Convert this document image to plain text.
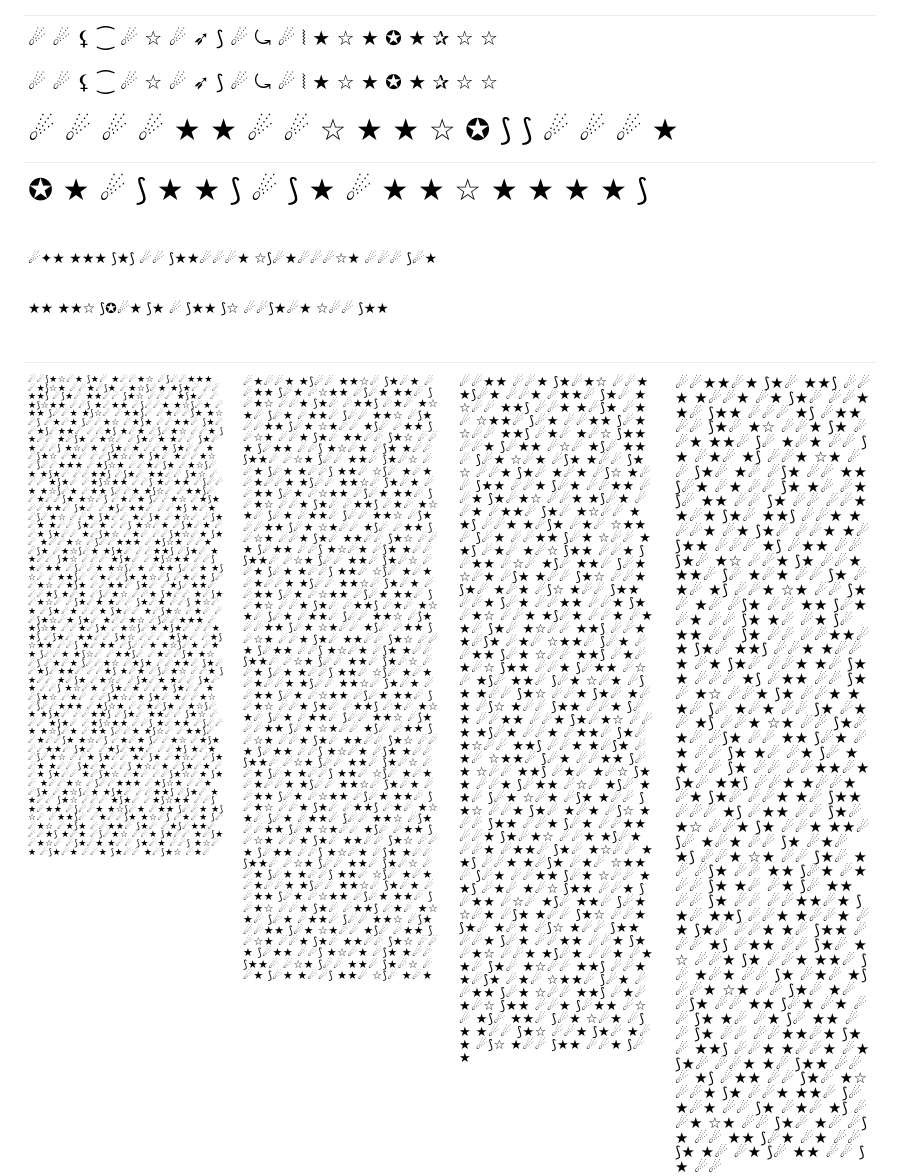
☄ ☄ ⚸ ⁐ ☄ ☆ ☄ ➶ ⟆ ☄ ⤿ ☄ ⦚ ★ ☆ ★ ✪ ★ ✰ ☆ ☆
☄ ☄ ⚸ ⁐ ☄ ☆ ☄ ➶ ⟆ ☄ ⤿ ☄ ⦚ ★ ☆ ★ ✪ ★ ✰ ☆ ☆
☄ ☄ ☄ ☄ ★ ★ ☄ ☄ ☆ ★ ★ ☆ ✪ ⟆ ⟆ ☄ ☄ ☄ ★
✪ ★ ☄ ⟆ ★ ★ ⟆ ☄ ⟆ ★ ☄ ★ ★ ☆ ★ ★ ★ ★ ⟆
☄✦★ ★★★ ⟆★⟆ ☄☄ ⟆★★☄☄☄★ ☆⟆☄★☄☄☄☆★ ☄☄☄ ⟆☄★
★★ ★★☆ ⟆✪☄★ ⟆★ ☄ ⟆★★ ⟆☆ ☄☄⟆★☄★ ☆☄☄ ⟆★★
☄☄⟆★☆☄★ ⟆★☄ ★☄☄★☆ ☄⟆☄☄★★★ ☄★⟆☆★ ☄☄★☄⟆★ ☄★☆⟆☄★ ★⟆★☄ ☄☄★★⟆ ☄⟆★☄ ★★☄☄ ⟆★☆ ☄☄☄ ★⟆★☄ ☄★⟆☆★★ ☄☄⟆ ★☄★★ ☄⟆☄☄★ ★☆⟆☄★ ☄★★ ⟆☄☄★ ★⟆☆☄ ☄★★⟆☄ ☄★☄☄⟆★ ★☆☄⟆ ☄★☄★ ⟆☄☄★☆ ☄★⟆★ ☄☄★★☄ ⟆★☄ ☄★⟆☄★★☄ ☄☄★⟆ ★☄★ ☄⟆☄★☆ ☄☄★ ⟆★☄☄ ★☄⟆★ ☄★☆☄ ☄⟆★☄★ ★☄☄ ⟆★☄★ ☄☄⟆ ★☆☄★ ☄⟆★☄★ ☄☄★ ⟆★☄☄ ★☄⟆★☆ ☄★☄ ☄☄⟆★☆☄★ ⟆★☄ ★☄☄★☆ ☄⟆☄☄★★★ ☄★⟆☆★ ☄☄★☄⟆★ ☄★☆⟆☄★ ★⟆★☄ ☄☄★★⟆ ☄⟆★☄ ★★☄☄ ⟆★☆ ☄☄☄ ★⟆★☄ ☄★⟆☆★★ ☄☄⟆ ★☄★★ ☄⟆☄☄★ ★☆⟆☄★ ☄★★ ⟆☄☄★ ★⟆☆☄ ☄★★⟆☄ ☄★☄☄⟆★ ★☆☄⟆ ☄★☄★ ⟆☄☄★☆ ☄★⟆★ ☄☄★★☄ ⟆★☄ ☄★⟆☄★★☄ ☄☄★⟆ ★☄★ ☄⟆☄★☆ ☄☄★ ⟆★☄☄ ★☄⟆★ ☄★☆☄ ☄⟆★☄★ ★☄☄ ⟆★☄★ ☄☄⟆ ★☆☄★ ☄⟆★☄★ ☄☄★ ⟆★☄☄ ★☄⟆★☆ ☄★☄ ☄☄⟆★☆☄★ ⟆★☄ ★☄☄★☆ ☄⟆☄☄★★★ ☄★⟆☆★ ☄☄★☄⟆★ ☄★☆⟆☄★ ★⟆★☄ ☄☄★★⟆ ☄⟆★☄ ★★☄☄ ⟆★☆ ☄☄☄ ★⟆★☄ ☄★⟆☆★★ ☄☄⟆ ★☄★★ ☄⟆☄☄★ ★☆⟆☄★ ☄★★ ⟆☄☄★ ★⟆☆☄ ☄★★⟆☄ ☄★☄☄⟆★ ★☆☄⟆ ☄★☄★ ⟆☄☄★☆ ☄★⟆★ ☄☄★★☄ ⟆★☄ ☄★⟆☄★★☄ ☄☄★⟆ ★☄★ ☄⟆☄★☆ ☄☄★ ⟆★☄☄ ★☄⟆★ ☄★☆☄ ☄⟆★☄★ ★☄☄ ⟆★☄★ ☄☄⟆ ★☆☄★ ☄⟆★☄★ ☄☄★ ⟆★☄☄ ★☄⟆★☆ ☄★☄ ☄☄⟆★☆☄★ ⟆★☄ ★☄☄★☆ ☄⟆☄☄★★★ ☄★⟆☆★ ☄☄★☄⟆★ ☄★☆⟆☄★ ★⟆★☄ ☄☄★★⟆ ☄⟆★☄ ★★☄☄ ⟆★☆ ☄☄☄ ★⟆★☄ ☄★⟆☆★★ ☄☄⟆ ★☄★★ ☄⟆☄☄★ ★☆⟆☄★ ☄★★ ⟆☄☄★ ★⟆☆☄ ☄★★⟆☄ ☄★☄☄⟆★ ★☆☄⟆ ☄★☄★ ⟆☄☄★☆ ☄★⟆★ ☄☄★★☄ ⟆★☄ ☄★⟆☄★★☄ ☄☄★⟆ ★☄★ ☄⟆☄★☆ ☄☄★ ⟆★☄☄ ★☄⟆★ ☄★☆☄ ☄⟆★☄★ ★☄☄ ⟆★☄★ ☄☄⟆ ★☆☄★ ☄⟆★☄★ ☄☄★ ⟆★☄☄ ★☄⟆★☆ ☄★☄ ☄☄⟆★☆☄★ ⟆★☄ ★☄☄★☆ ☄⟆☄☄★★★ ☄★⟆☆★ ☄☄★☄⟆★ ☄★☆⟆☄★ ★⟆★☄ ☄☄★★⟆ ☄⟆★☄ ★★☄☄ ⟆★☆ ☄☄☄ ★⟆★☄ ☄★⟆☆★★ ☄☄⟆ ★☄★★ ☄⟆☄☄★ ★☆⟆☄★ ☄★★ ⟆☄☄★ ★⟆☆☄ ☄★★⟆☄ ☄★☄☄⟆★ ★☆☄⟆ ☄★☄★ ⟆☄☄★☆ ☄★⟆★ ☄☄★★☄ ⟆★☄ ☄★⟆☄★★☄ ☄☄★⟆ ★☄★ ☄⟆☄★☆ ☄☄★ ⟆★☄☄ ★☄⟆★ ☄★☆☄ ☄⟆★☄★ ★☄☄ ⟆★☄★ ☄☄⟆ ★☆☄★ ☄⟆★☄★ ☄☄★ ⟆★☄☄ ★☄⟆★☆ ☄★☄ ☄☄⟆★☆☄★ ⟆★☄ ★☄☄★☆ ☄⟆☄☄★★★ ☄★⟆☆★ ☄☄★☄⟆★ ☄★☆⟆☄★ ★⟆★☄ ☄☄★★⟆ ☄⟆★☄ ★★☄☄ ⟆★☆ ☄☄☄ ★⟆★☄ ☄★⟆☆★★ ☄☄⟆ ★☄★★ ☄⟆☄☄★ ★☆⟆☄★ ☄★★ ⟆☄☄★ ★⟆☆☄ ☄★★⟆☄ ☄★☄☄⟆★ ★☆☄⟆ ☄★☄★ ⟆☄☄★☆ ☄★⟆★ ☄☄★★☄ ⟆★☄ ☄★⟆☄★★☄ ☄☄★⟆ ★☄★ ☄⟆☄★☆ ☄☄★ ⟆★☄☄ ★☄⟆★ ☄★☆☄ ☄⟆★☄★ ★☄☄ ⟆★☄★ ☄☄⟆ ★☆☄★ ☄⟆★☄★ ☄☄★ ⟆★☄☄ ★☄⟆★☆ ☄★☄
☄★☄☄★ ★⟆☄☄ ★★☆☄ ⟆★☄★ ☄☄★★ ⟆☄★ ☄☆★★ ☄⟆☄★ ★★☄ ⟆☄★☆ ☄☄★ ⟆★☄ ☄★★⟆ ☄★☄ ★☆★☄ ⟆☄★ ☄★★☄ ⟆☄☄ ★★☆ ☄⟆★ ☄☄★★ ⟆☄★ ☆★☄☄ ★⟆☄ ☄★★ ⟆☄☆★ ☄☄★ ⟆★☄ ★★☄☄ ⟆★☆ ☄☄★ ⟆☄★★ ☄☄⟆ ★☆☄★ ☄⟆★ ★☄☄ ⟆★★☄ ☄☆★ ⟆☄☄ ★★☄ ⟆★☄☆ ☄☄★ ⟆☄★ ★☄☄⟆ ★★☄ ☆⟆☄ ★☄★ ☄★☄☄★ ★⟆☄☄ ★★☆☄ ⟆★☄★ ☄☄★★ ⟆☄★ ☄☆★★ ☄⟆☄★ ★★☄ ⟆☄★☆ ☄☄★ ⟆★☄ ☄★★⟆ ☄★☄ ★☆★☄ ⟆☄★ ☄★★☄ ⟆☄☄ ★★☆ ☄⟆★ ☄☄★★ ⟆☄★ ☆★☄☄ ★⟆☄ ☄★★ ⟆☄☆★ ☄☄★ ⟆★☄ ★★☄☄ ⟆★☆ ☄☄★ ⟆☄★★ ☄☄⟆ ★☆☄★ ☄⟆★ ★☄☄ ⟆★★☄ ☄☆★ ⟆☄☄ ★★☄ ⟆★☄☆ ☄☄★ ⟆☄★ ★☄☄⟆ ★★☄ ☆⟆☄ ★☄★ ☄★☄☄★ ★⟆☄☄ ★★☆☄ ⟆★☄★ ☄☄★★ ⟆☄★ ☄☆★★ ☄⟆☄★ ★★☄ ⟆☄★☆ ☄☄★ ⟆★☄ ☄★★⟆ ☄★☄ ★☆★☄ ⟆☄★ ☄★★☄ ⟆☄☄ ★★☆ ☄⟆★ ☄☄★★ ⟆☄★ ☆★☄☄ ★⟆☄ ☄★★ ⟆☄☆★ ☄☄★ ⟆★☄ ★★☄☄ ⟆★☆ ☄☄★ ⟆☄★★ ☄☄⟆ ★☆☄★ ☄⟆★ ★☄☄ ⟆★★☄ ☄☆★ ⟆☄☄ ★★☄ ⟆★☄☆ ☄☄★ ⟆☄★ ★☄☄⟆ ★★☄ ☆⟆☄ ★☄★ ☄★☄☄★ ★⟆☄☄ ★★☆☄ ⟆★☄★ ☄☄★★ ⟆☄★ ☄☆★★ ☄⟆☄★ ★★☄ ⟆☄★☆ ☄☄★ ⟆★☄ ☄★★⟆ ☄★☄ ★☆★☄ ⟆☄★ ☄★★☄ ⟆☄☄ ★★☆ ☄⟆★ ☄☄★★ ⟆☄★ ☆★☄☄ ★⟆☄ ☄★★ ⟆☄☆★ ☄☄★ ⟆★☄ ★★☄☄ ⟆★☆ ☄☄★ ⟆☄★★ ☄☄⟆ ★☆☄★ ☄⟆★ ★☄☄ ⟆★★☄ ☄☆★ ⟆☄☄ ★★☄ ⟆★☄☆ ☄☄★ ⟆☄★ ★☄☄⟆ ★★☄ ☆⟆☄ ★☄★ ☄★☄☄★ ★⟆☄☄ ★★☆☄ ⟆★☄★ ☄☄★★ ⟆☄★ ☄☆★★ ☄⟆☄★ ★★☄ ⟆☄★☆ ☄☄★ ⟆★☄ ☄★★⟆ ☄★☄ ★☆★☄ ⟆☄★ ☄★★☄ ⟆☄☄ ★★☆ ☄⟆★ ☄☄★★ ⟆☄★ ☆★☄☄ ★⟆☄ ☄★★ ⟆☄☆★ ☄☄★ ⟆★☄ ★★☄☄ ⟆★☆ ☄☄★ ⟆☄★★ ☄☄⟆ ★☆☄★ ☄⟆★ ★☄☄ ⟆★★☄ ☄☆★ ⟆☄☄ ★★☄ ⟆★☄☆ ☄☄★ ⟆☄★ ★☄☄⟆ ★★☄ ☆⟆☄ ★☄★ ☄★☄☄★ ★⟆☄☄ ★★☆☄ ⟆★☄★ ☄☄★★ ⟆☄★ ☄☆★★ ☄⟆☄★ ★★☄ ⟆☄★☆ ☄☄★ ⟆★☄ ☄★★⟆ ☄★☄ ★☆★☄ ⟆☄★ ☄★★☄ ⟆☄☄ ★★☆ ☄⟆★ ☄☄★★ ⟆☄★ ☆★☄☄ ★⟆☄ ☄★★ ⟆☄☆★ ☄☄★ ⟆★☄ ★★☄☄ ⟆★☆ ☄☄★ ⟆☄★★ ☄☄⟆ ★☆☄★ ☄⟆★ ★☄☄ ⟆★★☄ ☄☆★ ⟆☄☄ ★★☄ ⟆★☄☆ ☄☄★ ⟆☄★ ★☄☄⟆ ★★☄ ☆⟆☄ ★☄★
☄☄★★ ☄☄★ ⟆★☄★☆ ☄☄★ ★⟆☄★ ☄☄★ ☄★★☄ ⟆★☄ ★☆☄☄ ★★⟆ ☄☄★ ★☄⟆★ ☄★☄ ☆★★☄ ⟆☄★ ☄☄★★ ⟆☄★ ☆☄☄ ★★⟆ ☄★☄ ★☄☆ ⟆★★ ☄☄★ ⟆☄★★ ☄☆☄ ★⟆☄ ★★☄ ⟆☄★ ☆☄★ ☄⟆★ ★☄☄ ⟆★☆ ☄☄★ ⟆★☄ ★☄★ ☄⟆☆ ★☄☄ ⟆★★ ☄☄★ ⟆☄★ ☄☄★★ ☄☄★ ⟆★☄★☆ ☄☄★ ★⟆☄★ ☄☄★ ☄★★☄ ⟆★☄ ★☆☄☄ ★★⟆ ☄☄★ ★☄⟆★ ☄★☄ ☆★★☄ ⟆☄★ ☄☄★★ ⟆☄★ ☆☄☄ ★★⟆ ☄★☄ ★☄☆ ⟆★★ ☄☄★ ⟆☄★★ ☄☆☄ ★⟆☄ ★★☄ ⟆☄★ ☆☄★ ☄⟆★ ★☄☄ ⟆★☆ ☄☄★ ⟆★☄ ★☄★ ☄⟆☆ ★☄☄ ⟆★★ ☄☄★ ⟆☄★ ☄☄★★ ☄☄★ ⟆★☄★☆ ☄☄★ ★⟆☄★ ☄☄★ ☄★★☄ ⟆★☄ ★☆☄☄ ★★⟆ ☄☄★ ★☄⟆★ ☄★☄ ☆★★☄ ⟆☄★ ☄☄★★ ⟆☄★ ☆☄☄ ★★⟆ ☄★☄ ★☄☆ ⟆★★ ☄☄★ ⟆☄★★ ☄☆☄ ★⟆☄ ★★☄ ⟆☄★ ☆☄★ ☄⟆★ ★☄☄ ⟆★☆ ☄☄★ ⟆★☄ ★☄★ ☄⟆☆ ★☄☄ ⟆★★ ☄☄★ ⟆☄★ ☄☄★★ ☄☄★ ⟆★☄★☆ ☄☄★ ★⟆☄★ ☄☄★ ☄★★☄ ⟆★☄ ★☆☄☄ ★★⟆ ☄☄★ ★☄⟆★ ☄★☄ ☆★★☄ ⟆☄★ ☄☄★★ ⟆☄★ ☆☄☄ ★★⟆ ☄★☄ ★☄☆ ⟆★★ ☄☄★ ⟆☄★★ ☄☆☄ ★⟆☄ ★★☄ ⟆☄★ ☆☄★ ☄⟆★ ★☄☄ ⟆★☆ ☄☄★ ⟆★☄ ★☄★ ☄⟆☆ ★☄☄ ⟆★★ ☄☄★ ⟆☄★ ☄☄★★ ☄☄★ ⟆★☄★☆ ☄☄★ ★⟆☄★ ☄☄★ ☄★★☄ ⟆★☄ ★☆☄☄ ★★⟆ ☄☄★ ★☄⟆★ ☄★☄ ☆★★☄ ⟆☄★ ☄☄★★ ⟆☄★ ☆☄☄ ★★⟆ ☄★☄ ★☄☆ ⟆★★ ☄☄★ ⟆☄★★ ☄☆☄ ★⟆☄ ★★☄ ⟆☄★ ☆☄★ ☄⟆★ ★☄☄ ⟆★☆ ☄☄★ ⟆★☄ ★☄★ ☄⟆☆ ★☄☄ ⟆★★ ☄☄★ ⟆☄★ ☄☄★★ ☄☄★ ⟆★☄★☆ ☄☄★ ★⟆☄★ ☄☄★ ☄★★☄ ⟆★☄ ★☆☄☄ ★★⟆ ☄☄★ ★☄⟆★ ☄★☄ ☆★★☄ ⟆☄★ ☄☄★★ ⟆☄★ ☆☄☄ ★★⟆ ☄★☄ ★☄☆ ⟆★★ ☄☄★ ⟆☄★★ ☄☆☄ ★⟆☄ ★★☄ ⟆☄★ ☆☄★ ☄⟆★ ★☄☄ ⟆★☆ ☄☄★ ⟆★☄ ★☄★ ☄⟆☆ ★☄☄ ⟆★★ ☄☄★ ⟆☄★
☄☄★★☄★ ⟆★☄ ★★⟆ ☄☄★ ★☄☄★ ☄★ ⟆★☄ ☄☄★ ★☄ ⟆★★ ☄☄☄ ★⟆ ☄★★ ☄☄ ⟆★☄ ★☆ ☄☄★ ⟆★ ☄☄★ ★★☄ ⟆☄ ★☄★ ☄☄ ⟆★ ☄★☄ ★⟆ ☄☄★ ☆★ ☄☄ ⟆★☄ ★☄ ☄⟆★ ☄☄ ★★ ⟆☄★ ☄★ ☄☄ ⟆★ ★☄ ☄★ ⟆☄ ★★ ☄☄ ⟆★ ☄☄ ☄☄★★☄★ ⟆★☄ ★★⟆ ☄☄★ ★☄☄★ ☄★ ⟆★☄ ☄☄★ ★☄ ⟆★★ ☄☄☄ ★⟆ ☄★★ ☄☄ ⟆★☄ ★☆ ☄☄★ ⟆★ ☄☄★ ★★☄ ⟆☄ ★☄★ ☄☄ ⟆★ ☄★☄ ★⟆ ☄☄★ ☆★ ☄☄ ⟆★☄ ★☄ ☄⟆★ ☄☄ ★★ ⟆☄★ ☄★ ☄☄ ⟆★ ★☄ ☄★ ⟆☄ ★★ ☄☄ ⟆★ ☄☄ ☄☄★★☄★ ⟆★☄ ★★⟆ ☄☄★ ★☄☄★ ☄★ ⟆★☄ ☄☄★ ★☄ ⟆★★ ☄☄☄ ★⟆ ☄★★ ☄☄ ⟆★☄ ★☆ ☄☄★ ⟆★ ☄☄★ ★★☄ ⟆☄ ★☄★ ☄☄ ⟆★ ☄★☄ ★⟆ ☄☄★ ☆★ ☄☄ ⟆★☄ ★☄ ☄⟆★ ☄☄ ★★ ⟆☄★ ☄★ ☄☄ ⟆★ ★☄ ☄★ ⟆☄ ★★ ☄☄ ⟆★ ☄☄ ☄☄★★☄★ ⟆★☄ ★★⟆ ☄☄★ ★☄☄★ ☄★ ⟆★☄ ☄☄★ ★☄ ⟆★★ ☄☄☄ ★⟆ ☄★★ ☄☄ ⟆★☄ ★☆ ☄☄★ ⟆★ ☄☄★ ★★☄ ⟆☄ ★☄★ ☄☄ ⟆★ ☄★☄ ★⟆ ☄☄★ ☆★ ☄☄ ⟆★☄ ★☄ ☄⟆★ ☄☄ ★★ ⟆☄★ ☄★ ☄☄ ⟆★ ★☄ ☄★ ⟆☄ ★★ ☄☄ ⟆★ ☄☄ ☄☄★★☄★ ⟆★☄ ★★⟆ ☄☄★ ★☄☄★ ☄★ ⟆★☄ ☄☄★ ★☄ ⟆★★ ☄☄☄ ★⟆ ☄★★ ☄☄ ⟆★☄ ★☆ ☄☄★ ⟆★ ☄☄★ ★★☄ ⟆☄ ★☄★ ☄☄ ⟆★ ☄★☄ ★⟆ ☄☄★ ☆★ ☄☄ ⟆★☄ ★☄ ☄⟆★ ☄☄ ★★ ⟆☄★ ☄★ ☄☄ ⟆★ ★☄ ☄★ ⟆☄ ★★ ☄☄ ⟆★ ☄☄ ☄☄★★☄★ ⟆★☄ ★★⟆ ☄☄★ ★☄☄★ ☄★ ⟆★☄ ☄☄★ ★☄ ⟆★★ ☄☄☄ ★⟆ ☄★★ ☄☄ ⟆★☄ ★☆ ☄☄★ ⟆★ ☄☄★ ★★☄ ⟆☄ ★☄★ ☄☄ ⟆★ ☄★☄ ★⟆ ☄☄★ ☆★ ☄☄ ⟆★☄ ★☄ ☄⟆★ ☄☄ ★★ ⟆☄★ ☄★ ☄☄ ⟆★ ★☄ ☄★ ⟆☄ ★★ ☄☄ ⟆★ ☄☄
